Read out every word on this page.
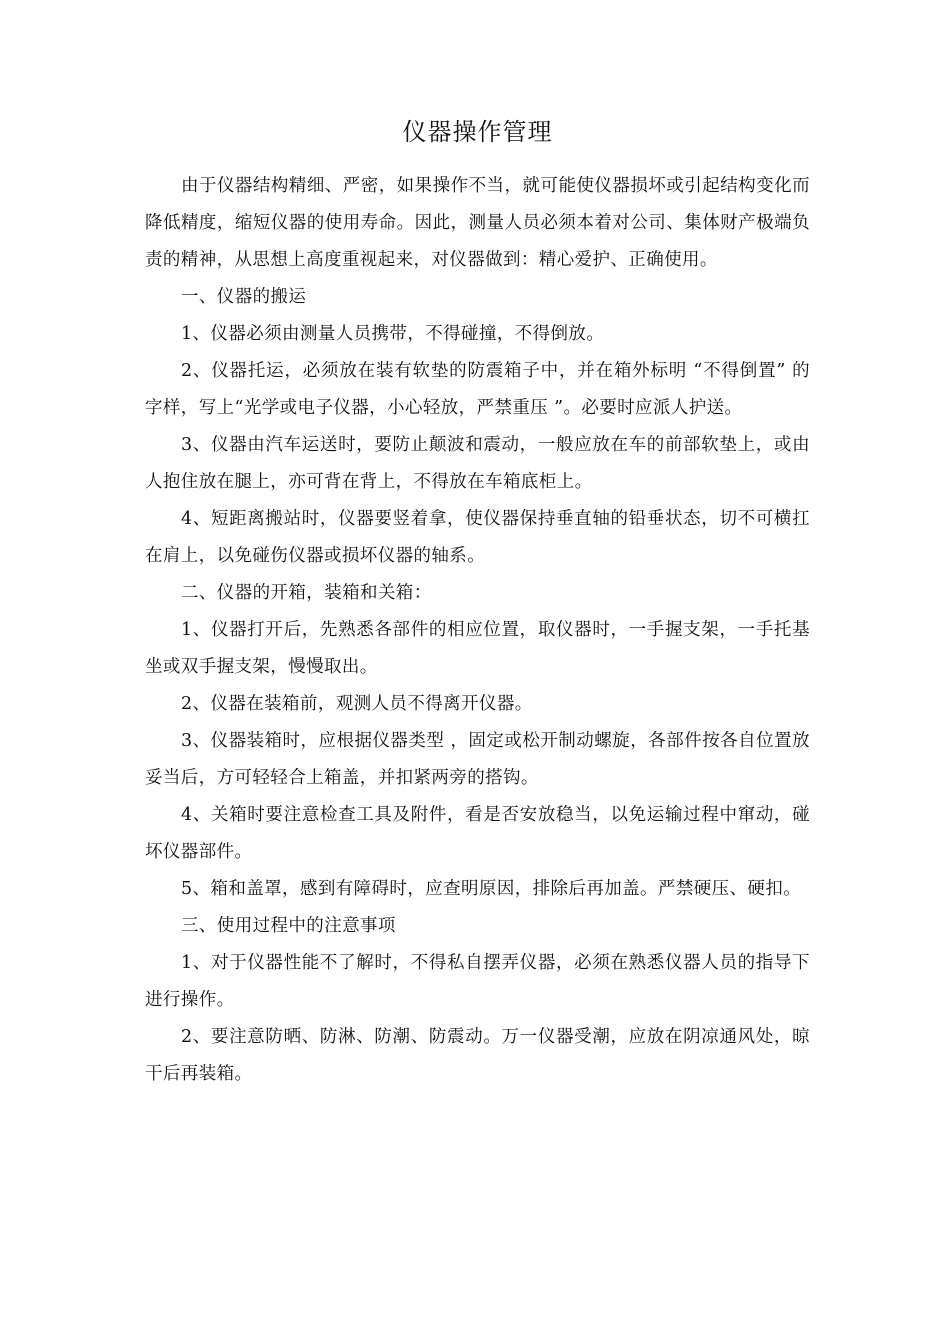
仪器操作管理

由于仪器结构精细、严密，如果操作不当，就可能使仪器损坏或引起结构变化而降低精度，缩短仪器的使用寿命。因此，测量人员必须本着对公司、集体财产极端负责的精神，从思想上高度重视起来，对仪器做到：精心爱护、正确使用。

一、仪器的搬运

1、仪器必须由测量人员携带，不得碰撞，不得倒放。

2、仪器托运，必须放在装有软垫的防震箱子中，并在箱外标明 “不得倒置” 的字样，写上“光学或电子仪器，小心轻放，严禁重压 ”。必要时应派人护送。

3、仪器由汽车运送时，要防止颠波和震动，一般应放在车的前部软垫上，或由人抱住放在腿上，亦可背在背上，不得放在车箱底柜上。

4、短距离搬站时，仪器要竖着拿，使仪器保持垂直轴的铅垂状态，切不可横扛在肩上，以免碰伤仪器或损坏仪器的轴系。

二、仪器的开箱，装箱和关箱：

1、仪器打开后，先熟悉各部件的相应位置，取仪器时，一手握支架，一手托基坐或双手握支架，慢慢取出。

2、仪器在装箱前，观测人员不得离开仪器。

3、仪器装箱时，应根据仪器类型 ，固定或松开制动螺旋，各部件按各自位置放妥当后，方可轻轻合上箱盖，并扣紧两旁的搭钩。

4、关箱时要注意检查工具及附件，看是否安放稳当，以免运输过程中窜动，碰坏仪器部件。

5、箱和盖罩，感到有障碍时，应查明原因，排除后再加盖。严禁硬压、硬扣。

三、使用过程中的注意事项

1、对于仪器性能不了解时，不得私自摆弄仪器，必须在熟悉仪器人员的指导下进行操作。

2、要注意防晒、防淋、防潮、防震动。万一仪器受潮，应放在阴凉通风处，晾干后再装箱。
